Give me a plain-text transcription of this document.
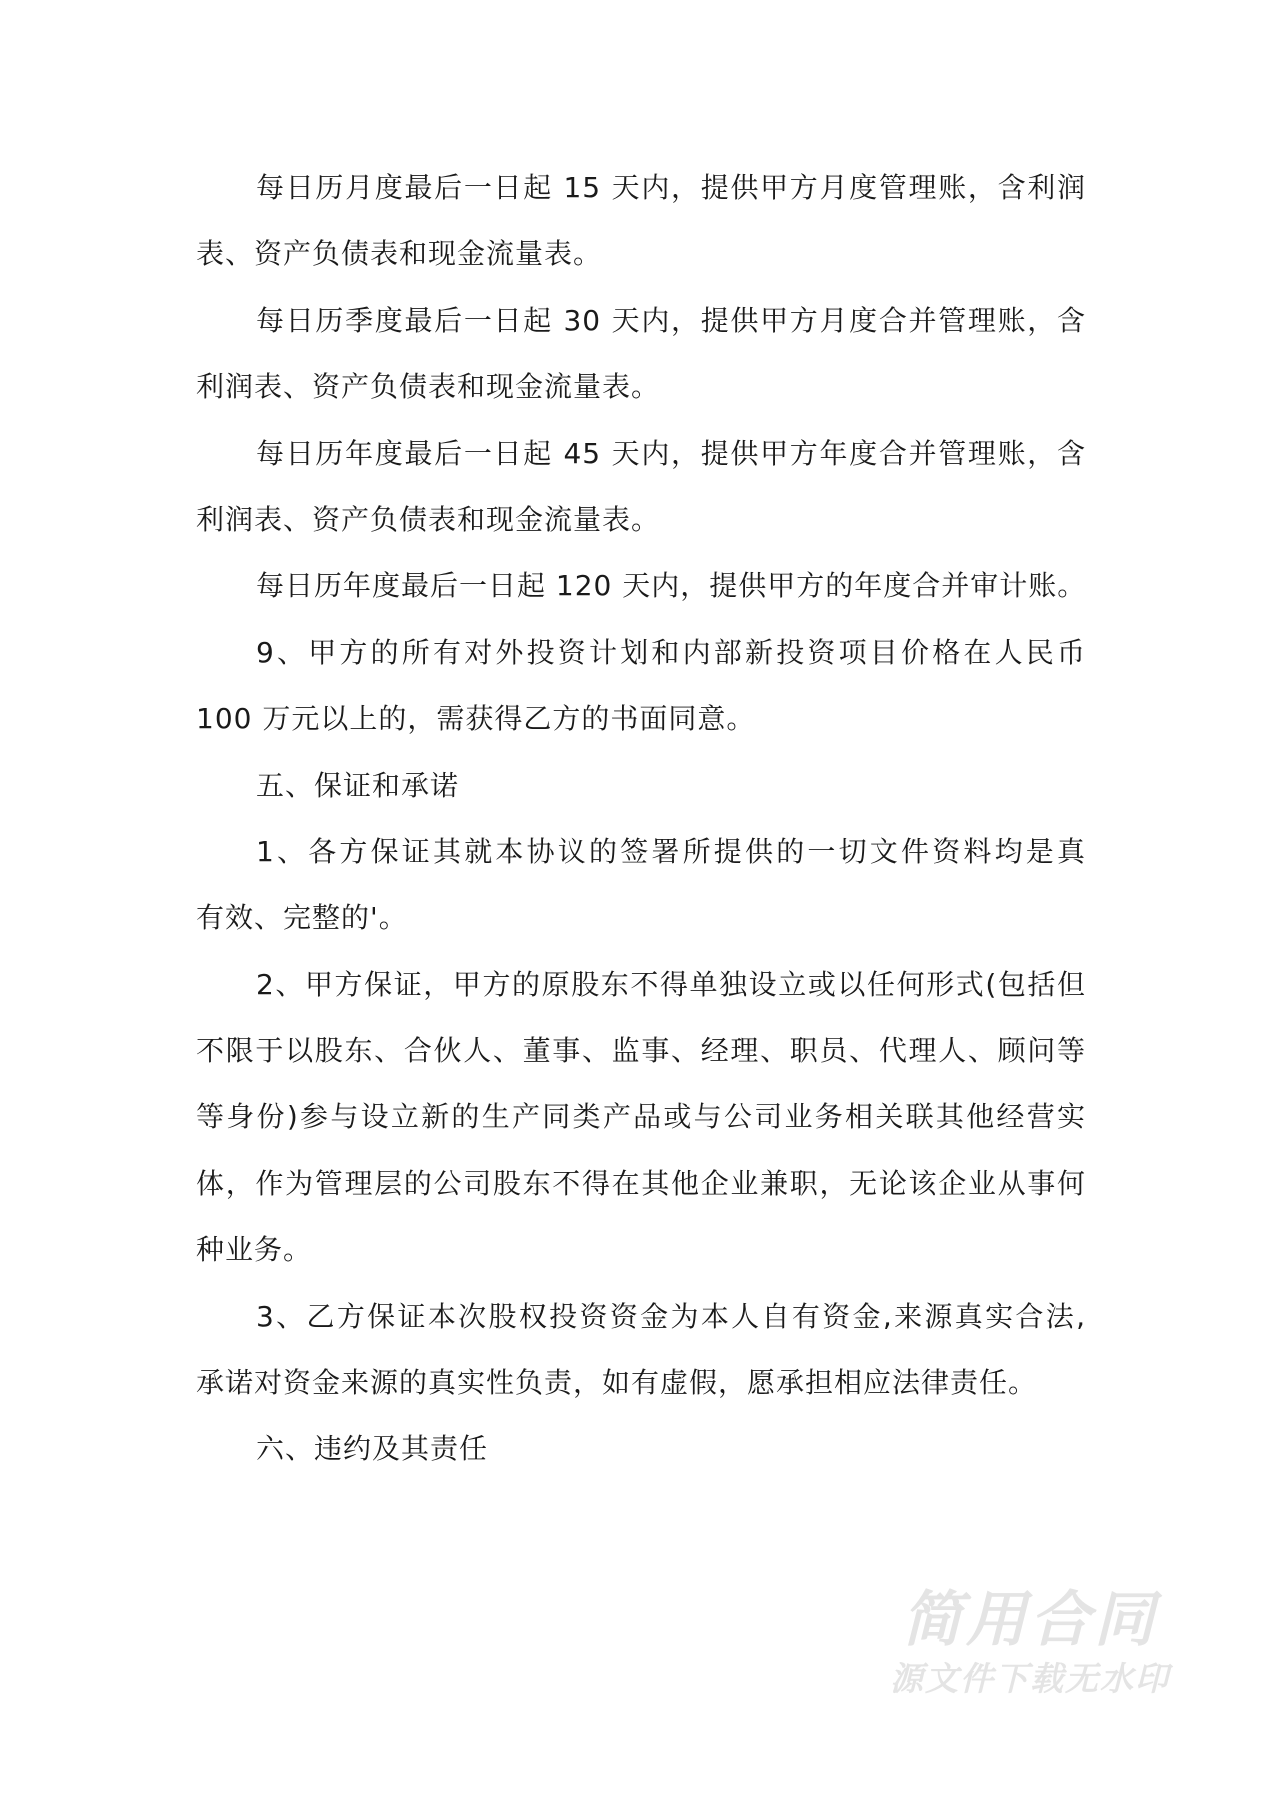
每日历月度最后一日起 15 天内，提供甲方月度管理账，含利润
表、资产负债表和现金流量表。
每日历季度最后一日起 30 天内，提供甲方月度合并管理账，含
利润表、资产负债表和现金流量表。
每日历年度最后一日起 45 天内，提供甲方年度合并管理账，含
利润表、资产负债表和现金流量表。
每日历年度最后一日起 120 天内，提供甲方的年度合并审计账。
9、甲方的所有对外投资计划和内部新投资项目价格在人民币
100 万元以上的，需获得乙方的书面同意。
五、保证和承诺
1、各方保证其就本协议的签署所提供的一切文件资料均是真
有效、完整的'。
2、甲方保证，甲方的原股东不得单独设立或以任何形式(包括但
不限于以股东、合伙人、董事、监事、经理、职员、代理人、顾问等
等身份)参与设立新的生产同类产品或与公司业务相关联其他经营实
体，作为管理层的公司股东不得在其他企业兼职，无论该企业从事何
种业务。
3、乙方保证本次股权投资资金为本人自有资金,来源真实合法,
承诺对资金来源的真实性负责，如有虚假，愿承担相应法律责任。
六、违约及其责任
简用合同
源文件下载无水印
